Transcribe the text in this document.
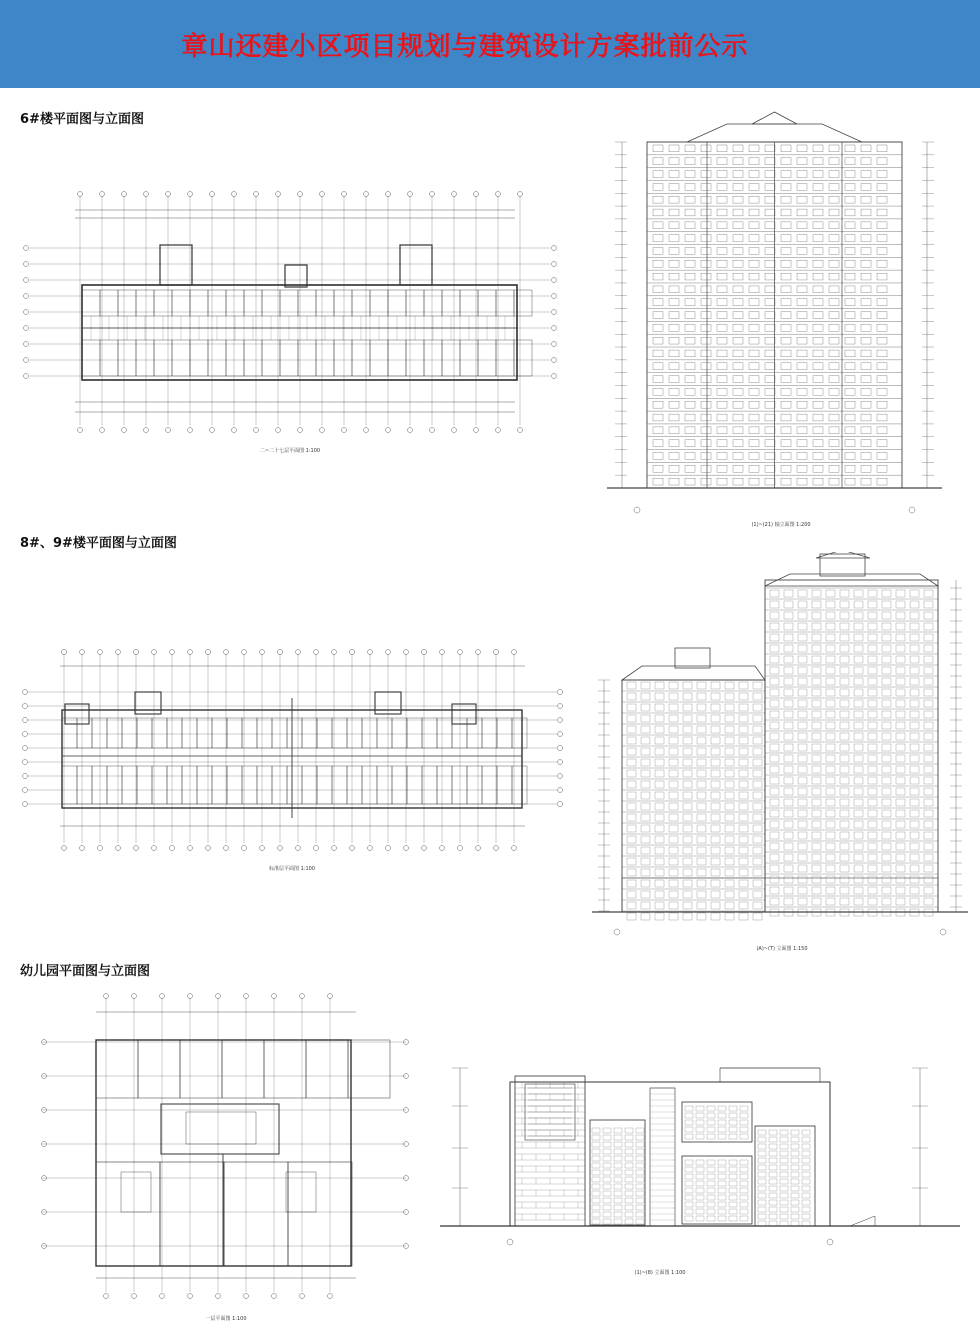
章山还建小区项目规划与建筑设计方案批前公示
6#楼平面图与立面图
8#、9#楼平面图与立面图
幼儿园平面图与立面图
二~二十七层平面图 1:100
(1)~(21) 轴立面图 1:200
标准层平面图 1:100
(A)~(T) 立面图 1:150
一层平面图 1:100
(1)~(8) 立面图 1:100
